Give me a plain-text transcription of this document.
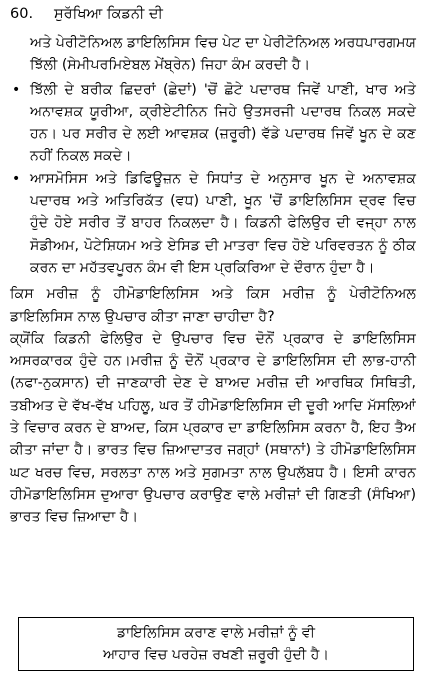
60. ਸੁਰੱਖਿਆ ਕਿਡਨੀ ਦੀ

ਅਤੇ ਪੇਰੀਟੋਨਿਅਲ ਡਾਇਲਿਸਿਸ ਵਿਚ ਪੇਟ ਦਾ ਪੇਰੀਟੋਨਿਅਲ ਅਰਧਪਾਰਗਮਯ ਝਿੱਲੀ (ਸੇਮੀਪਰਮਿਏਬਲ ਮੇਂਬ੍ਰੇਨ) ਜਿਹਾ ਕੰਮ ਕਰਦੀ ਹੈ।

• ਝਿੱਲੀ ਦੇ ਬਰੀਕ ਛਿਦਰਾਂ (ਛੇਦਾਂ) 'ਚੋਂ ਛੋਟੇ ਪਦਾਰਥ ਜਿਵੇਂ ਪਾਣੀ, ਖਾਰ ਅਤੇ ਅਨਾਵਸ਼ਕ ਯੂਰੀਆ, ਕ੍ਰੀਏਟੀਨਿਨ ਜਿਹੇ ਉਤਸਰਜੀ ਪਦਾਰਥ ਨਿਕਲ ਸਕਦੇ ਹਨ। ਪਰ ਸਰੀਰ ਦੇ ਲਈ ਆਵਸ਼ਕ (ਜ਼ਰੂਰੀ) ਵੱਡੇ ਪਦਾਰਥ ਜਿਵੇਂ ਖੂਨ ਦੇ ਕਣ ਨਹੀਂ ਨਿਕਲ ਸਕਦੇ।
• ਆਸਮੋਸਿਸ ਅਤੇ ਡਿਫਿਊਜ਼ਨ ਦੇ ਸਿਧਾਂਤ ਦੇ ਅਨੁਸਾਰ ਖੂਨ ਦੇ ਅਨਾਵਸ਼ਕ ਪਦਾਰਥ ਅਤੇ ਅਤਿਰਿਕੱਤ (ਵਧ) ਪਾਣੀ, ਖੂਨ 'ਚੋਂ ਡਾਇਲਿਸਿਸ ਦ੍ਰਵ ਵਿਚ ਹੁੰਦੇ ਹੋਏ ਸਰੀਰ ਤੋਂ ਬਾਹਰ ਨਿਕਲਦਾ ਹੈ। ਕਿਡਨੀ ਫੇਲਿਉਰ ਦੀ ਵਜ੍ਹਾ ਨਾਲ ਸੋਡੀਅਮ, ਪੋਟੇਸ਼ਿਯਮ ਅਤੇ ਏਸਿਡ ਦੀ ਮਾਤਰਾ ਵਿਚ ਹੋਏ ਪਰਿਵਰਤਨ ਨੂੰ ਠੀਕ ਕਰਨ ਦਾ ਮਹੱਤਵਪੂਰਨ ਕੰਮ ਵੀ ਇਸ ਪ੍ਰਕਿਰਿਆ ਦੇ ਦੌਰਾਨ ਹੁੰਦਾ ਹੈ।

ਕਿਸ ਮਰੀਜ਼ ਨੂੰ ਹੀਮੋਡਾਇਲਿਸਿਸ ਅਤੇ ਕਿਸ ਮਰੀਜ਼ ਨੂੰ ਪੇਰੀਟੋਨਿਅਲ ਡਾਇਲਿਸਿਸ ਨਾਲ ਉਪਚਾਰ ਕੀਤਾ ਜਾਣਾ ਚਾਹੀਦਾ ਹੈ?

ਕ੍ਯੋਂਕਿ ਕਿਡਨੀ ਫੇਲਿਉਰ ਦੇ ਉਪਚਾਰ ਵਿਚ ਦੋਨੋਂ ਪ੍ਰਕਾਰ ਦੇ ਡਾਇਲਿਸਿਸ ਅਸਰਕਾਰਕ ਹੁੰਦੇ ਹਨ।ਮਰੀਜ਼ ਨੂੰ ਦੋਨੋਂ ਪ੍ਰਕਾਰ ਦੇ ਡਾਇਲਿਸਿਸ ਦੀ ਲਾਭ-ਹਾਨੀ (ਨਫਾ-ਨੁਕਸਾਨ) ਦੀ ਜਾਣਕਾਰੀ ਦੇਣ ਦੇ ਬਾਅਦ ਮਰੀਜ਼ ਦੀ ਆਰਥਿਕ ਸਿਥਿਤੀ, ਤਬੀਅਤ ਦੇ ਵੱਖ-ਵੱਖ ਪਹਿਲੂ, ਘਰ ਤੋਂ ਹੀਮੋਡਾਇਲਿਸਿਸ ਦੀ ਦੂਰੀ ਆਦਿ ਮੱਸਲਿਆਂ ਤੇ ਵਿਚਾਰ ਕਰਨ ਦੇ ਬਾਅਦ, ਕਿਸ ਪ੍ਰਕਾਰ ਦਾ ਡਾਇਲਿਸਿਸ ਕਰਨਾ ਹੈ, ਇਹ ਤੈਅ ਕੀਤਾ ਜਾਂਦਾ ਹੈ। ਭਾਰਤ ਵਿਚ ਜ਼ਿਆਦਾਤਰ ਜਗ੍ਹਾਂ (ਸਥਾਨਾਂ) ਤੇ ਹੀਮੋਡਾਇਲਿਸਿਸ ਘਟ ਖਰਚ ਵਿਚ, ਸਰਲਤਾ ਨਾਲ ਅਤੇ ਸੁਗਮਤਾ ਨਾਲ ਉਪਲੱਬਧ ਹੈ। ਇਸੀ ਕਾਰਨ ਹੀਮੋਡਾਇਲਿਸਿਸ ਦੁਆਰਾ ਉਪਚਾਰ ਕਰਾਉਣ ਵਾਲੇ ਮਰੀਜ਼ਾਂ ਦੀ ਗਿਣਤੀ (ਸੰਖਿਆ) ਭਾਰਤ ਵਿਚ ਜ਼ਿਆਦਾ ਹੈ।

ਡਾਇਲਿਸਿਸ ਕਰਾਣ ਵਾਲੇ ਮਰੀਜ਼ਾਂ ਨੂੰ ਵੀ
ਆਹਾਰ ਵਿਚ ਪਰਹੇਜ਼ ਰਖਣੀ ਜ਼ਰੂਰੀ ਹੁੰਦੀ ਹੈ।
